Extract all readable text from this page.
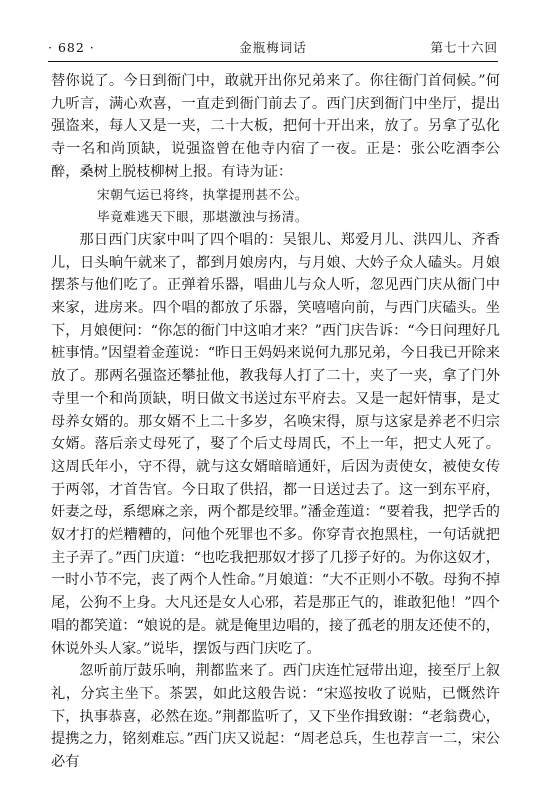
· 682 ·	金瓶梅词话	第七十六回

替你说了。今日到衙门中，敢就开出你兄弟来了。你往衙门首伺候。”何九听言，满心欢喜，一直走到衙门前去了。西门庆到衙门中坐厅，提出强盗来，每人又是一夹，二十大板，把何十开出来，放了。另拿了弘化寺一名和尚顶缺，说强盗曾在他寺内宿了一夜。正是：张公吃酒李公醉，桑树上脱枝柳树上报。有诗为证：

宋朝气运已将终，执掌提刑甚不公。

毕竟难逃天下眼，那堪激浊与扬清。

那日西门庆家中叫了四个唱的：吴银儿、郑爱月儿、洪四儿、齐香儿，日头晌午就来了，都到月娘房内，与月娘、大妗子众人磕头。月娘摆茶与他们吃了。正弹着乐器，唱曲儿与众人听，忽见西门庆从衙门中来家，进房来。四个唱的都放了乐器，笑嘻嘻向前，与西门庆磕头。坐下，月娘便问：“你怎的衙门中这咱才来？”西门庆告诉：“今日问理好几桩事情。”因望着金莲说：“昨日王妈妈来说何九那兄弟，今日我已开除来放了。那两名强盗还攀扯他，教我每人打了二十，夹了一夹，拿了门外寺里一个和尚顶缺，明日做文书送过东平府去。又是一起奸情事，是丈母养女婿的。那女婿不上二十多岁，名唤宋得，原与这家是养老不归宗女婿。落后亲丈母死了，娶了个后丈母周氏，不上一年，把丈人死了。这周氏年小，守不得，就与这女婿暗暗通奸，后因为责使女，被使女传于两邻，才首告官。今日取了供招，都一日送过去了。这一到东平府，奸妻之母，系缌麻之亲，两个都是绞罪。”潘金莲道：“要着我，把学舌的奴才打的烂糟糟的，问他个死罪也不多。你穿青衣抱黑柱，一句话就把主子弄了。”西门庆道：“也吃我把那奴才拶了几拶子好的。为你这奴才，一时小节不完，丧了两个人性命。”月娘道：“大不正则小不敬。母狗不掉尾，公狗不上身。大凡还是女人心邪，若是那正气的，谁敢犯他！”四个唱的都笑道：“娘说的是。就是俺里边唱的，接了孤老的朋友还使不的，休说外头人家。”说毕，摆饭与西门庆吃了。

忽听前厅鼓乐响，荆都监来了。西门庆连忙冠带出迎，接至厅上叙礼，分宾主坐下。茶罢，如此这般告说：“宋巡按收了说贴，已慨然许下，执事恭喜，必然在迩。”荆都监听了，又下坐作揖致谢：“老翁费心，提携之力，铭刻难忘。”西门庆又说起：“周老总兵，生也荐言一二，宋公必有
